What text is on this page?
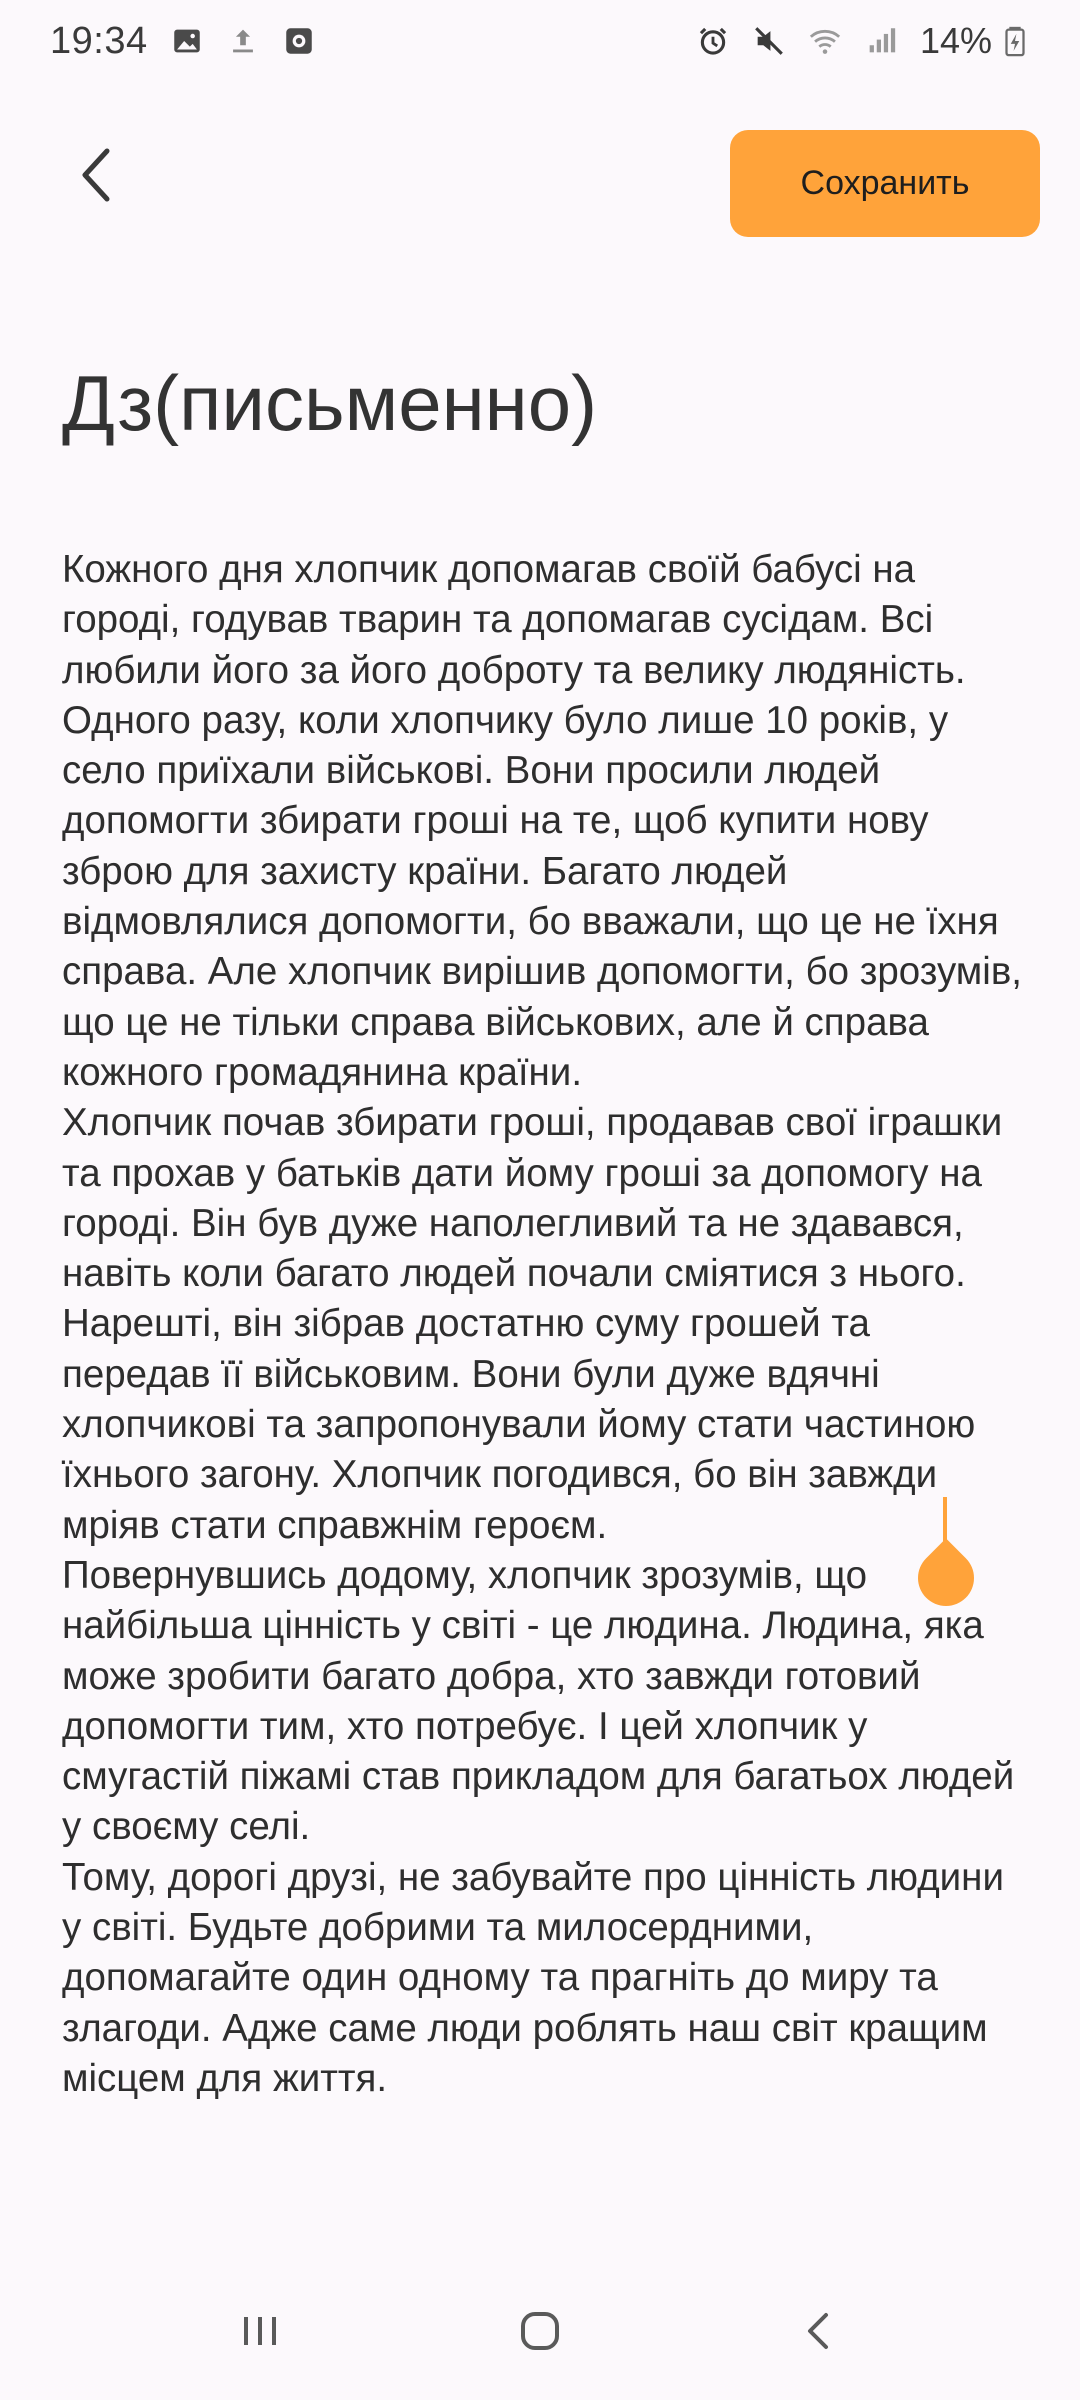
19:34	14%
Сохранить
Дз(письменно)

Кожного дня хлопчик допомагав своїй бабусі на городі, годував тварин та допомагав сусідам. Всі любили його за його доброту та велику людяність.

Одного разу, коли хлопчику було лише 10 років, у село приїхали військові. Вони просили людей допомогти збирати гроші на те, щоб купити нову зброю для захисту країни. Багато людей відмовлялися допомогти, бо вважали, що це не їхня справа. Але хлопчик вирішив допомогти, бо зрозумів, що це не тільки справа військових, але й справа кожного громадянина країни.

Хлопчик почав збирати гроші, продавав свої іграшки та прохав у батьків дати йому гроші за допомогу на городі. Він був дуже наполегливий та не здавався, навіть коли багато людей почали сміятися з нього. Нарешті, він зібрав достатню суму грошей та передав її військовим. Вони були дуже вдячні хлопчикові та запропонували йому стати частиною їхнього загону. Хлопчик погодився, бо він завжди мріяв стати справжнім героєм.

Повернувшись додому, хлопчик зрозумів, що найбільша цінність у світі - це людина. Людина, яка може зробити багато добра, хто завжди готовий допомогти тим, хто потребує. І цей хлопчик у смугастій піжамі став прикладом для багатьох людей у своєму селі.

Тому, дорогі друзі, не забувайте про цінність людини у світі. Будьте добрими та милосердними, допомагайте один одному та прагніть до миру та злагоди. Адже саме люди роблять наш світ кращим місцем для життя.
